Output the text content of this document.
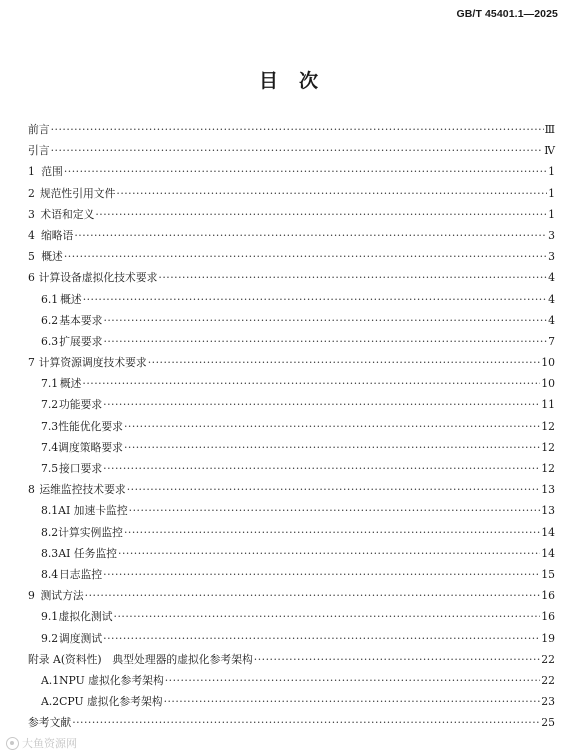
GB/T 45401.1—2025
目　次
前言 ·····	Ⅲ
引言 ·····	Ⅳ
1 范围 ·····	1
2 规范性引用文件 ·····	1
3 术语和定义 ·····	1
4 缩略语 ·····	3
5 概述 ·····	3
6 计算设备虚拟化技术要求 ·····	4
6.1 概述 ·····	4
6.2 基本要求 ·····	4
6.3 扩展要求 ·····	7
7 计算资源调度技术要求 ·····	10
7.1 概述 ·····	10
7.2 功能要求 ·····	11
7.3 性能优化要求 ·····	12
7.4 调度策略要求 ·····	12
7.5 接口要求 ·····	12
8 运维监控技术要求 ·····	13
8.1 AI 加速卡监控 ·····	13
8.2 计算实例监控 ·····	14
8.3 AI 任务监控 ·····	14
8.4 日志监控 ·····	15
9 测试方法 ·····	16
9.1 虚拟化测试 ·····	16
9.2 调度测试 ·····	19
附录 A(资料性)　典型处理器的虚拟化参考架构 ·····	22
A.1 NPU 虚拟化参考架构 ·····	22
A.2 CPU 虚拟化参考架构 ·····	23
参考文献 ·····	25
大鱼资源网
